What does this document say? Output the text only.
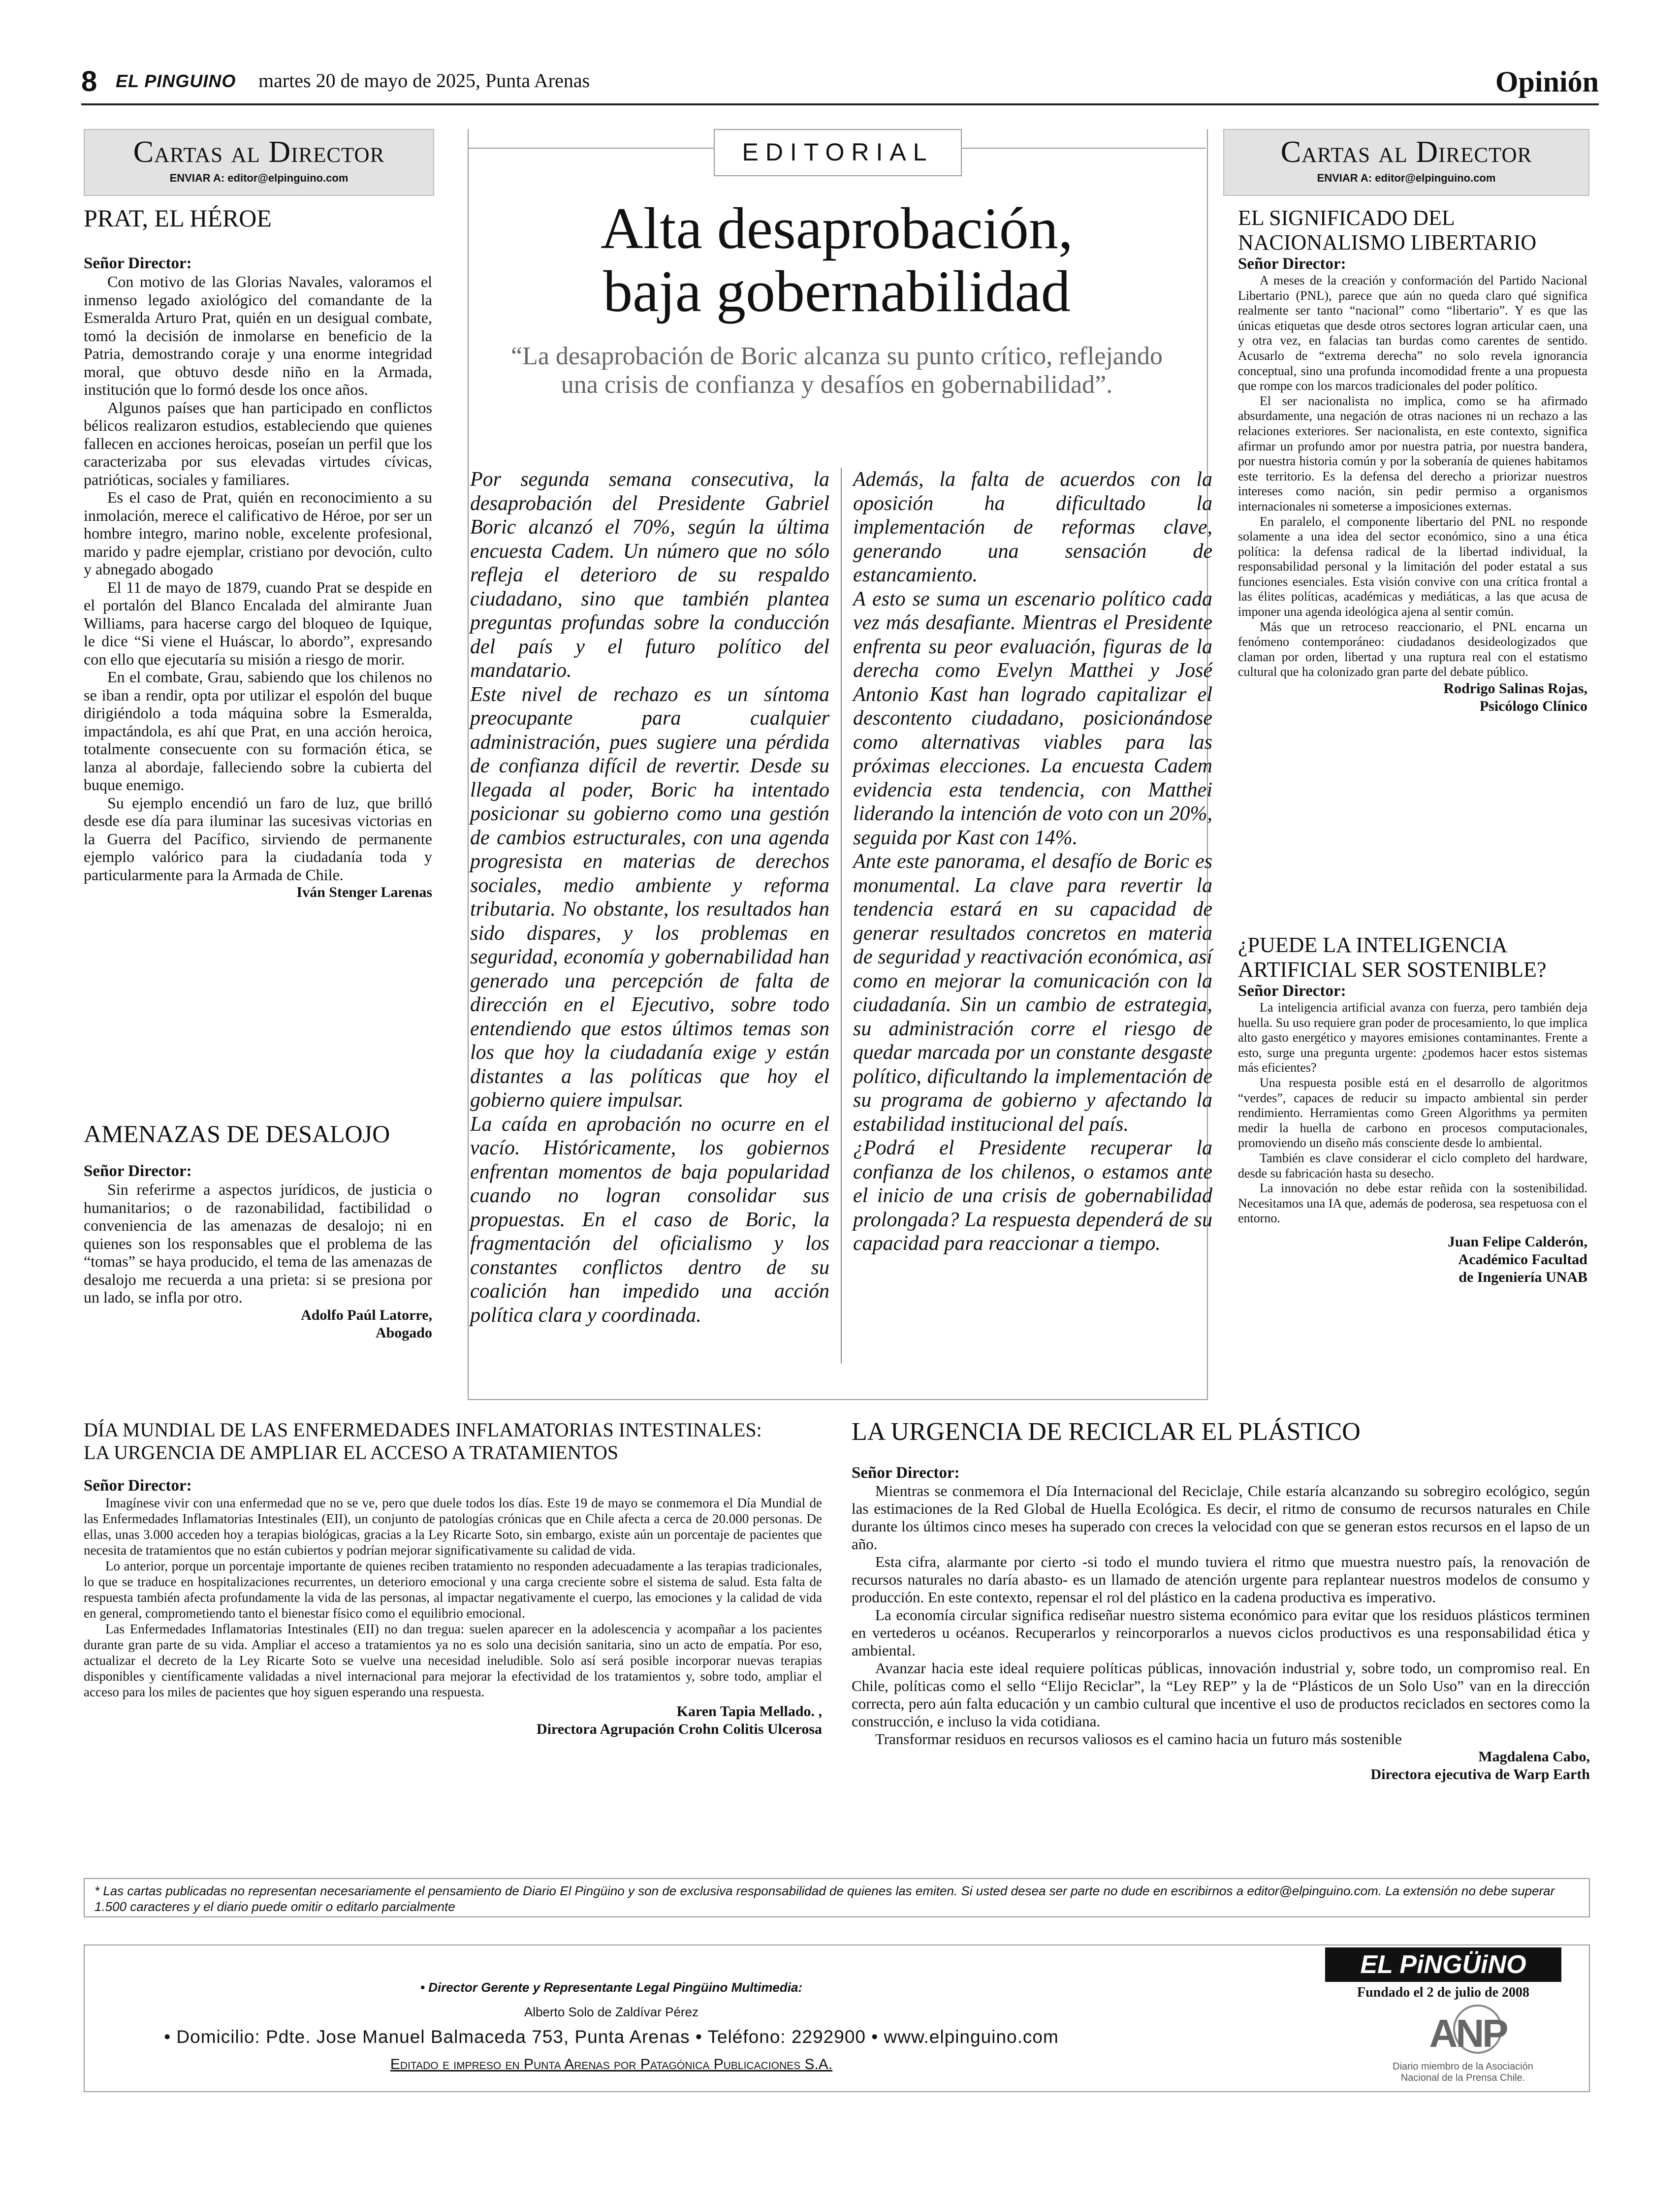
8 EL PINGUINO martes 20 de mayo de 2025, Punta Arenas	Opinión
Cartas al Director
ENVIAR A: editor@elpinguino.com
PRAT, EL HÉROE
Señor Director:

Con motivo de las Glorias Navales, valoramos el inmenso legado axiológico del comandante de la Esmeralda Arturo Prat, quién en un desigual combate, tomó la decisión de inmolarse en beneficio de la Patria, demostrando coraje y una enorme integridad moral, que obtuvo desde niño en la Armada, institución que lo formó desde los once años.

Algunos países que han participado en conflictos bélicos realizaron estudios, estableciendo que quienes fallecen en acciones heroicas, poseían un perfil que los caracterizaba por sus elevadas virtudes cívicas, patrióticas, sociales y familiares.

Es el caso de Prat, quién en reconocimiento a su inmolación, merece el calificativo de Héroe, por ser un hombre integro, marino noble, excelente profesional, marido y padre ejemplar, cristiano por devoción, culto y abnegado abogado

El 11 de mayo de 1879, cuando Prat se despide en el portalón del Blanco Encalada del almirante Juan Williams, para hacerse cargo del bloqueo de Iquique, le dice “Si viene el Huáscar, lo abordo”, expresando con ello que ejecutaría su misión a riesgo de morir.

En el combate, Grau, sabiendo que los chilenos no se iban a rendir, opta por utilizar el espolón del buque dirigiéndolo a toda máquina sobre la Esmeralda, impactándola, es ahí que Prat, en una acción heroica, totalmente consecuente con su formación ética, se lanza al abordaje, falleciendo sobre la cubierta del buque enemigo.

Su ejemplo encendió un faro de luz, que brilló desde ese día para iluminar las sucesivas victorias en la Guerra del Pacífico, sirviendo de permanente ejemplo valórico para la ciudadanía toda y particularmente para la Armada de Chile.

Iván Stenger Larenas
AMENAZAS DE DESALOJO
Señor Director:

Sin referirme a aspectos jurídicos, de justicia o humanitarios; o de razonabilidad, factibilidad o conveniencia de las amenazas de desalojo; ni en quienes son los responsables que el problema de las “tomas” se haya producido, el tema de las amenazas de desalojo me recuerda a una prieta: si se presiona por un lado, se infla por otro.

Adolfo Paúl Latorre,
Abogado
EDITORIAL
Alta desaprobación,
baja gobernabilidad
“La desaprobación de Boric alcanza su punto crítico, reflejando una crisis de confianza y desafíos en gobernabilidad”.

Por segunda semana consecutiva, la desaprobación del Presidente Gabriel Boric alcanzó el 70%, según la última encuesta Cadem. Un número que no sólo refleja el deterioro de su respaldo ciudadano, sino que también plantea preguntas profundas sobre la conducción del país y el futuro político del mandatario.

Este nivel de rechazo es un síntoma preocupante para cualquier administración, pues sugiere una pérdida de confianza difícil de revertir. Desde su llegada al poder, Boric ha intentado posicionar su gobierno como una gestión de cambios estructurales, con una agenda progresista en materias de derechos sociales, medio ambiente y reforma tributaria. No obstante, los resultados han sido dispares, y los problemas en seguridad, economía y gobernabilidad han generado una percepción de falta de dirección en el Ejecutivo, sobre todo entendiendo que estos últimos temas son los que hoy la ciudadanía exige y están distantes a las políticas que hoy el gobierno quiere impulsar.

La caída en aprobación no ocurre en el vacío. Históricamente, los gobiernos enfrentan momentos de baja popularidad cuando no logran consolidar sus propuestas. En el caso de Boric, la fragmentación del oficialismo y los constantes conflictos dentro de su coalición han impedido una acción política clara y coordinada.

Además, la falta de acuerdos con la oposición ha dificultado la implementación de reformas clave, generando una sensación de estancamiento.

A esto se suma un escenario político cada vez más desafiante. Mientras el Presidente enfrenta su peor evaluación, figuras de la derecha como Evelyn Matthei y José Antonio Kast han logrado capitalizar el descontento ciudadano, posicionándose como alternativas viables para las próximas elecciones. La encuesta Cadem evidencia esta tendencia, con Matthei liderando la intención de voto con un 20%, seguida por Kast con 14%.

Ante este panorama, el desafío de Boric es monumental. La clave para revertir la tendencia estará en su capacidad de generar resultados concretos en materia de seguridad y reactivación económica, así como en mejorar la comunicación con la ciudadanía. Sin un cambio de estrategia, su administración corre el riesgo de quedar marcada por un constante desgaste político, dificultando la implementación de su programa de gobierno y afectando la estabilidad institucional del país.

¿Podrá el Presidente recuperar la confianza de los chilenos, o estamos ante el inicio de una crisis de gobernabilidad prolongada? La respuesta dependerá de su capacidad para reaccionar a tiempo.

Cartas al Director
ENVIAR A: editor@elpinguino.com
EL SIGNIFICADO DEL NACIONALISMO LIBERTARIO
Señor Director:

A meses de la creación y conformación del Partido Nacional Libertario (PNL), parece que aún no queda claro qué significa realmente ser tanto “nacional” como “libertario”. Y es que las únicas etiquetas que desde otros sectores logran articular caen, una y otra vez, en falacias tan burdas como carentes de sentido. Acusarlo de “extrema derecha” no solo revela ignorancia conceptual, sino una profunda incomodidad frente a una propuesta que rompe con los marcos tradicionales del poder político.

El ser nacionalista no implica, como se ha afirmado absurdamente, una negación de otras naciones ni un rechazo a las relaciones exteriores. Ser nacionalista, en este contexto, significa afirmar un profundo amor por nuestra patria, por nuestra bandera, por nuestra historia común y por la soberanía de quienes habitamos este territorio. Es la defensa del derecho a priorizar nuestros intereses como nación, sin pedir permiso a organismos internacionales ni someterse a imposiciones externas.

En paralelo, el componente libertario del PNL no responde solamente a una idea del sector económico, sino a una ética política: la defensa radical de la libertad individual, la responsabilidad personal y la limitación del poder estatal a sus funciones esenciales. Esta visión convive con una crítica frontal a las élites políticas, académicas y mediáticas, a las que acusa de imponer una agenda ideológica ajena al sentir común.

Más que un retroceso reaccionario, el PNL encarna un fenómeno contemporáneo: ciudadanos desideologizados que claman por orden, libertad y una ruptura real con el estatismo cultural que ha colonizado gran parte del debate público.

Rodrigo Salinas Rojas,
Psicólogo Clínico
¿PUEDE LA INTELIGENCIA ARTIFICIAL SER SOSTENIBLE?
Señor Director:

La inteligencia artificial avanza con fuerza, pero también deja huella. Su uso requiere gran poder de procesamiento, lo que implica alto gasto energético y mayores emisiones contaminantes. Frente a esto, surge una pregunta urgente: ¿podemos hacer estos sistemas más eficientes?

Una respuesta posible está en el desarrollo de algoritmos “verdes”, capaces de reducir su impacto ambiental sin perder rendimiento. Herramientas como Green Algorithms ya permiten medir la huella de carbono en procesos computacionales, promoviendo un diseño más consciente desde lo ambiental.

También es clave considerar el ciclo completo del hardware, desde su fabricación hasta su desecho.

La innovación no debe estar reñida con la sostenibilidad. Necesitamos una IA que, además de poderosa, sea respetuosa con el entorno.

Juan Felipe Calderón,
Académico Facultad
de Ingeniería UNAB
DÍA MUNDIAL DE LAS ENFERMEDADES INFLAMATORIAS INTESTINALES:
LA URGENCIA DE AMPLIAR EL ACCESO A TRATAMIENTOS
Señor Director:

Imagínese vivir con una enfermedad que no se ve, pero que duele todos los días. Este 19 de mayo se conmemora el Día Mundial de las Enfermedades Inflamatorias Intestinales (EII), un conjunto de patologías crónicas que en Chile afecta a cerca de 20.000 personas. De ellas, unas 3.000 acceden hoy a terapias biológicas, gracias a la Ley Ricarte Soto, sin embargo, existe aún un porcentaje de pacientes que necesita de tratamientos que no están cubiertos y podrían mejorar significativamente su calidad de vida.

Lo anterior, porque un porcentaje importante de quienes reciben tratamiento no responden adecuadamente a las terapias tradicionales, lo que se traduce en hospitalizaciones recurrentes, un deterioro emocional y una carga creciente sobre el sistema de salud. Esta falta de respuesta también afecta profundamente la vida de las personas, al impactar negativamente el cuerpo, las emociones y la calidad de vida en general, comprometiendo tanto el bienestar físico como el equilibrio emocional.

Las Enfermedades Inflamatorias Intestinales (EII) no dan tregua: suelen aparecer en la adolescencia y acompañar a los pacientes durante gran parte de su vida. Ampliar el acceso a tratamientos ya no es solo una decisión sanitaria, sino un acto de empatía. Por eso, actualizar el decreto de la Ley Ricarte Soto se vuelve una necesidad ineludible. Solo así será posible incorporar nuevas terapias disponibles y científicamente validadas a nivel internacional para mejorar la efectividad de los tratamientos y, sobre todo, ampliar el acceso para los miles de pacientes que hoy siguen esperando una respuesta.

Karen Tapia Mellado. ,
Directora Agrupación Crohn Colitis Ulcerosa
LA URGENCIA DE RECICLAR EL PLÁSTICO
Señor Director:

Mientras se conmemora el Día Internacional del Reciclaje, Chile estaría alcanzando su sobregiro ecológico, según las estimaciones de la Red Global de Huella Ecológica. Es decir, el ritmo de consumo de recursos naturales en Chile durante los últimos cinco meses ha superado con creces la velocidad con que se generan estos recursos en el lapso de un año.

Esta cifra, alarmante por cierto -si todo el mundo tuviera el ritmo que muestra nuestro país, la renovación de recursos naturales no daría abasto- es un llamado de atención urgente para replantear nuestros modelos de consumo y producción. En este contexto, repensar el rol del plástico en la cadena productiva es imperativo.

La economía circular significa rediseñar nuestro sistema económico para evitar que los residuos plásticos terminen en vertederos u océanos. Recuperarlos y reincorporarlos a nuevos ciclos productivos es una responsabilidad ética y ambiental.

Avanzar hacia este ideal requiere políticas públicas, innovación industrial y, sobre todo, un compromiso real. En Chile, políticas como el sello “Elijo Reciclar”, la “Ley REP” y la de “Plásticos de un Solo Uso” van en la dirección correcta, pero aún falta educación y un cambio cultural que incentive el uso de productos reciclados en sectores como la construcción, e incluso la vida cotidiana.

Transformar residuos en recursos valiosos es el camino hacia un futuro más sostenible

Magdalena Cabo,
Directora ejecutiva de Warp Earth
* Las cartas publicadas no representan necesariamente el pensamiento de Diario El Pingüino y son de exclusiva responsabilidad de quienes las emiten. Si usted desea ser parte no dude en escribirnos a editor@elpinguino.com. La extensión no debe superar 1.500 caracteres y el diario puede omitir o editarlo parcialmente
• Director Gerente y Representante Legal Pingüino Multimedia:
Alberto Solo de Zaldívar Pérez
• Domicilio: Pdte. Jose Manuel Balmaceda 753, Punta Arenas • Teléfono: 2292900 • www.elpinguino.com
Editado e impreso en Punta Arenas por Patagónica Publicaciones S.A.
EL PiNGÜiNO
Fundado el 2 de julio de 2008
ANP
Diario miembro de la Asociación
Nacional de la Prensa Chile.
